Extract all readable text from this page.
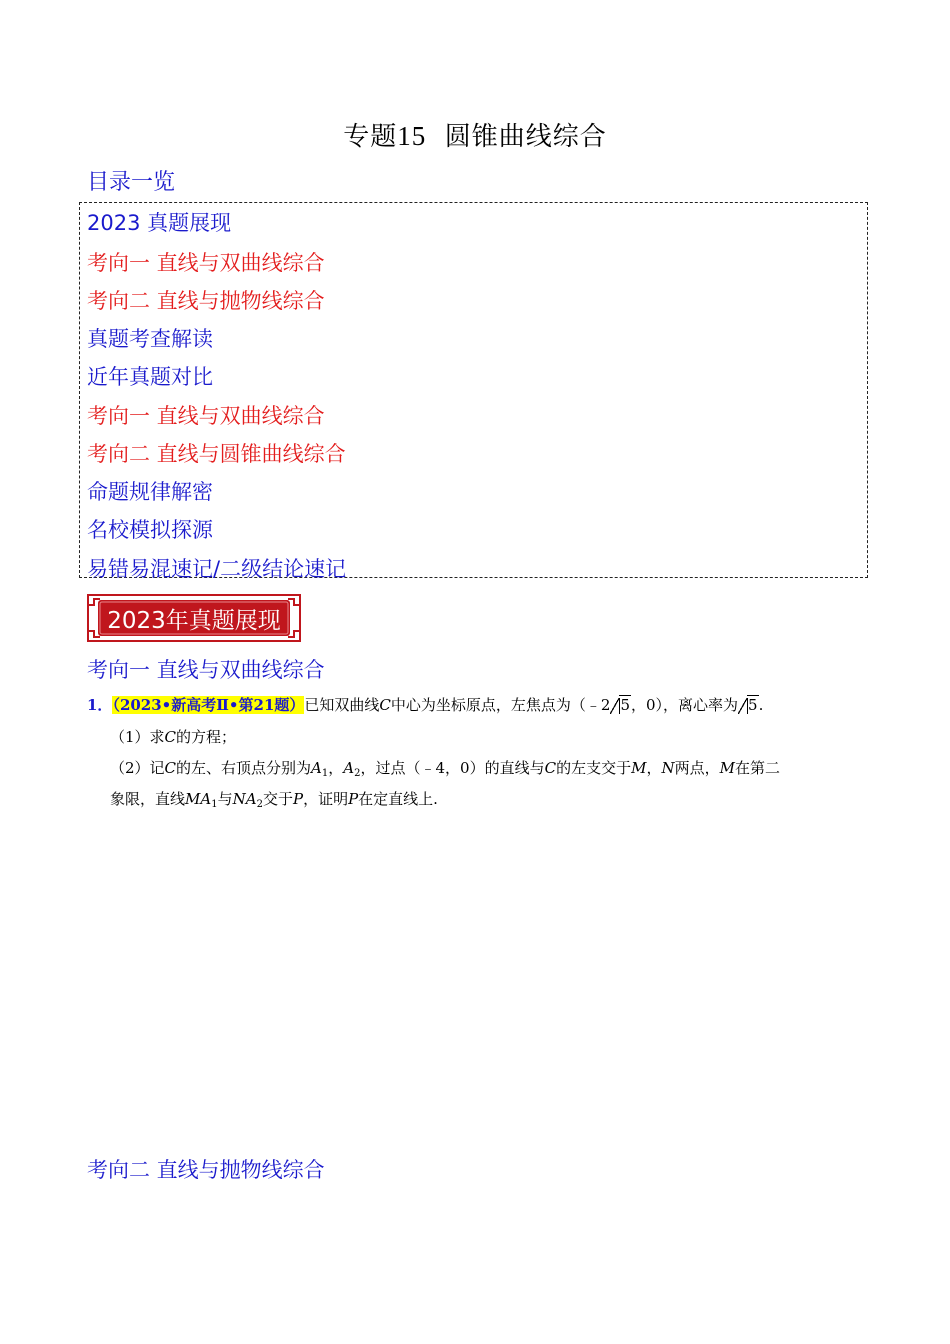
专题15 圆锥曲线综合
目录一览
2023 真题展现
考向一 直线与双曲线综合
考向二 直线与抛物线综合
真题考查解读
近年真题对比
考向一 直线与双曲线综合
考向二 直线与圆锥曲线综合
命题规律解密
名校模拟探源
易错易混速记/二级结论速记
2023年真题展现
考向一 直线与双曲线综合
1．（2023•新高考Ⅱ•第21题）已知双曲线C中心为坐标原点，左焦点为（﹣2 5，0），离心率为 5.
（1）求C的方程；
（2）记C的左、右顶点分别为$A_1$，$A_2$，过点（﹣4，0）的直线与C的左支交于M，N两点，M在第二
象限，直线$MA_1$与$NA_2$交于P，证明P在定直线上.
考向二 直线与抛物线综合
